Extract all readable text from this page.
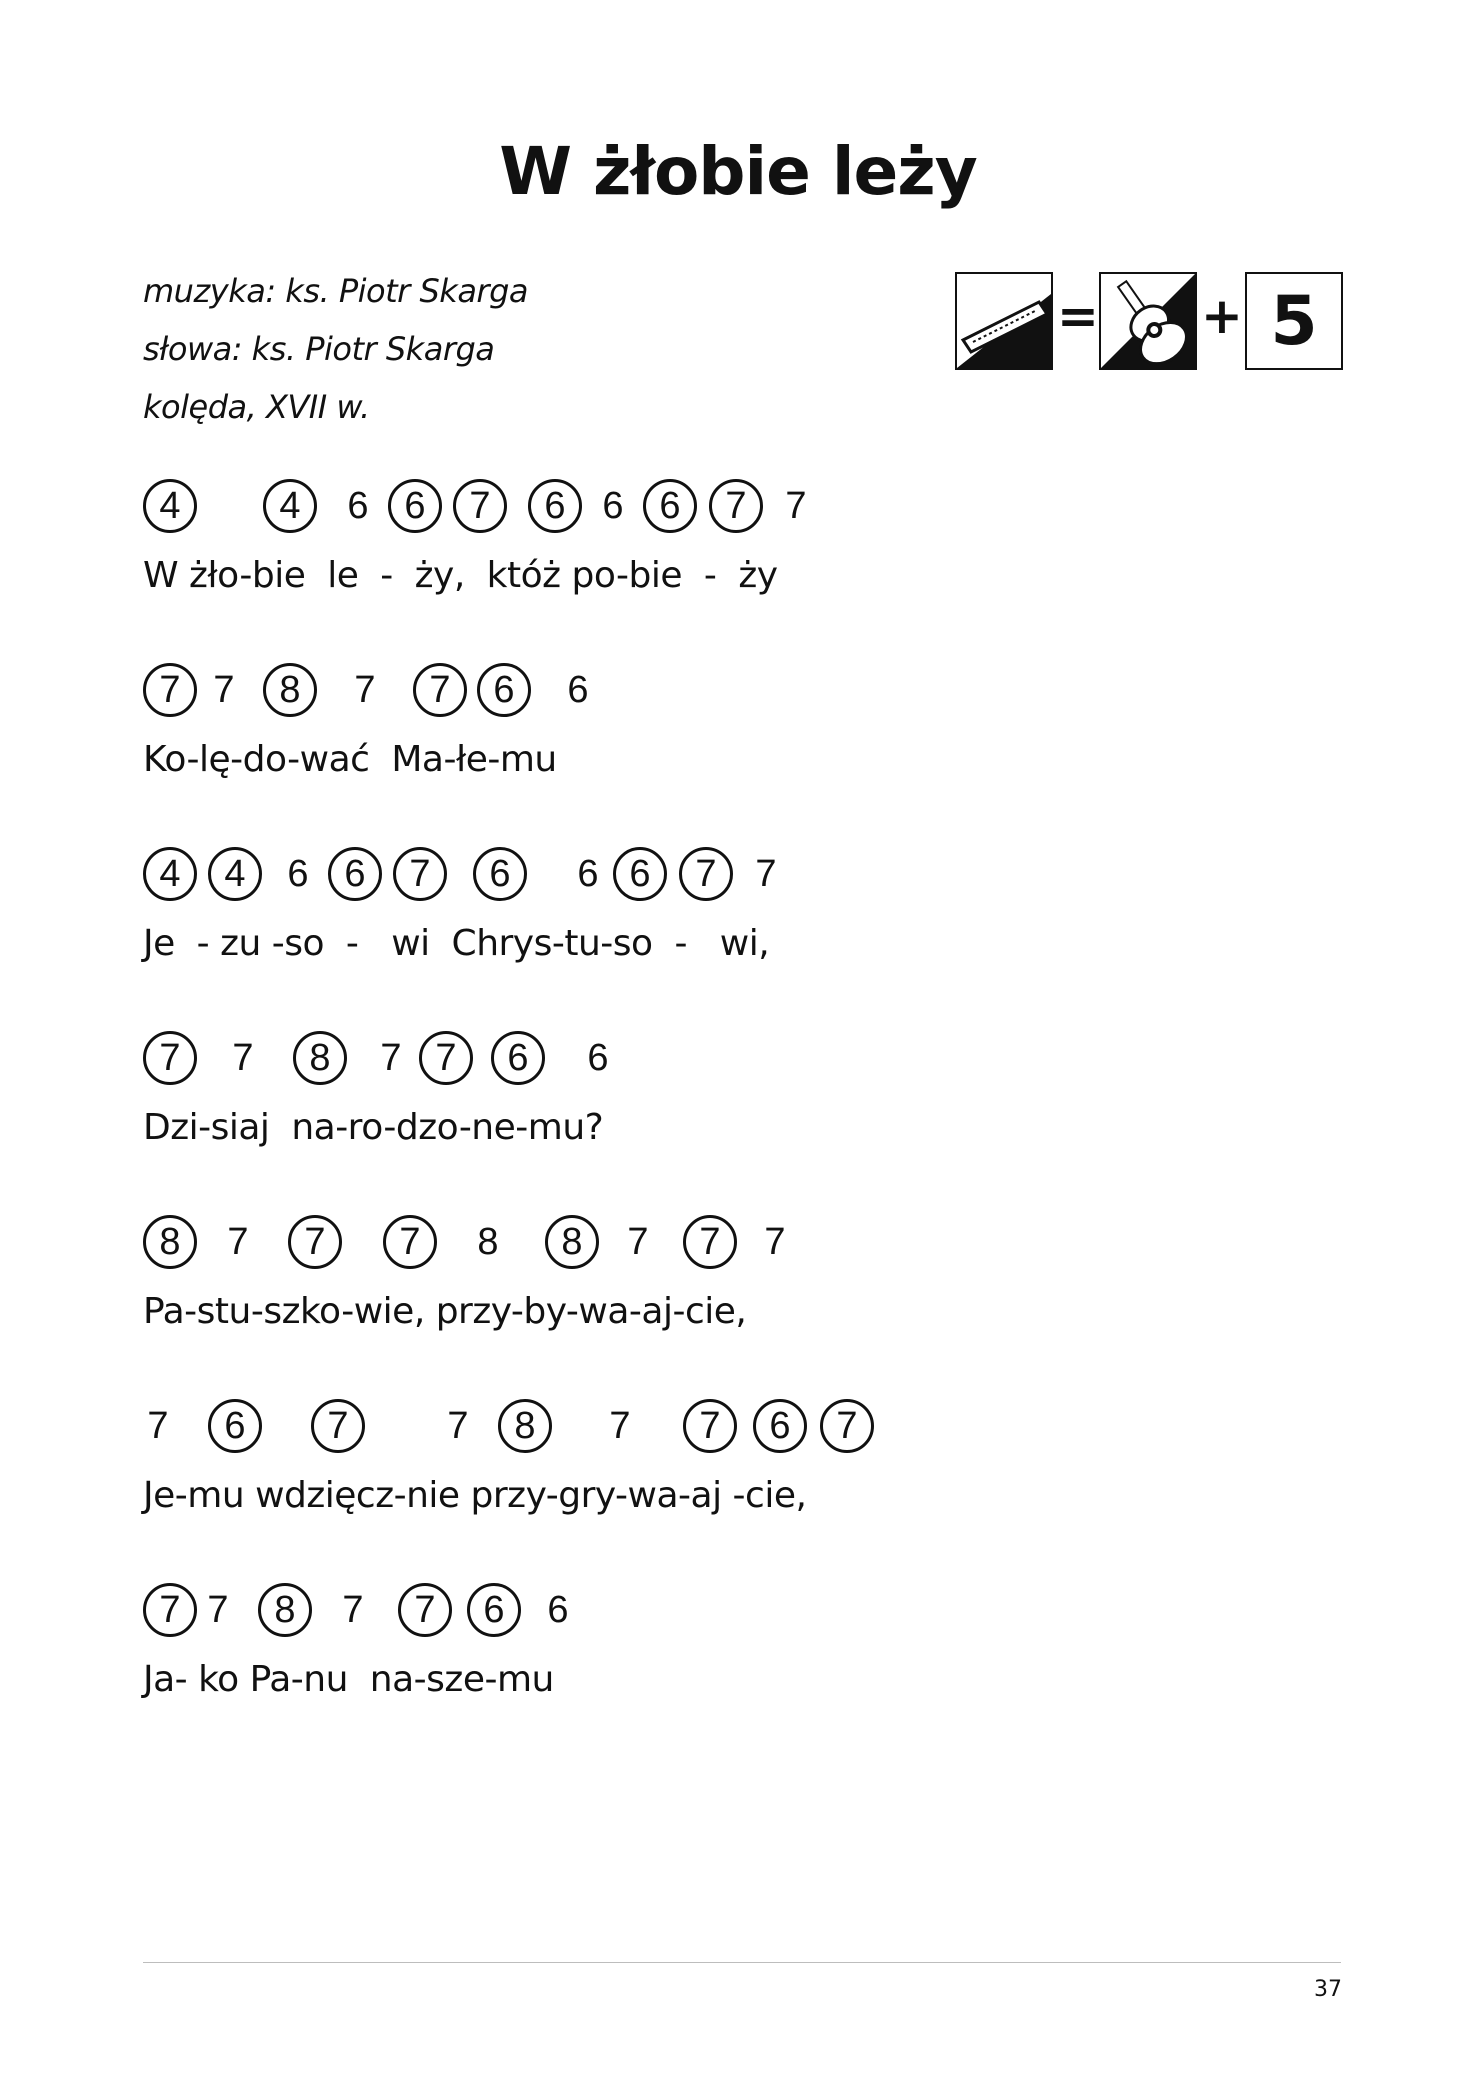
W żłobie leży
muzyka: ks. Piotr Skarga
słowa: ks. Piotr Skarga
kolęda, XVII w.
= + 5
4	4	6 6	7	6 6 6	7	7
W żło-bie  le  -  ży,  któż po-bie  -  ży
7 7	8	7	7	6	6
Ko-lę-do-wać  Ma-łe-mu
4	4	6 6	7	6	6 6	7	7
Je  - zu -so  -   wi  Chrys-tu-so  -   wi,
7	7	8	7 7	6	6
Dzi-siaj  na-ro-dzo-ne-mu?
8	7	7	7	8	8	7	7	7
Pa-stu-szko-wie, przy-by-wa-aj-cie,
7	6	7	7	8	7	7	6	7
Je-mu wdzięcz-nie przy-gry-wa-aj -cie,
7 7	8	7	7	6	6
Ja- ko Pa-nu  na-sze-mu
37
